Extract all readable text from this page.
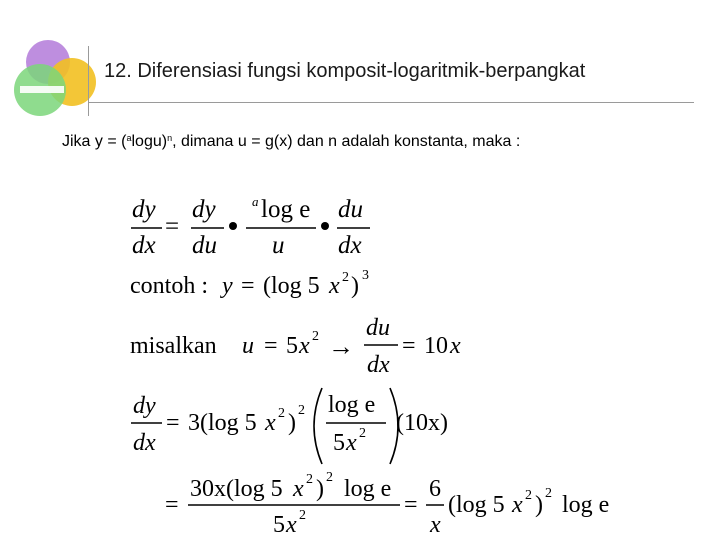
12. Diferensiasi fungsi komposit-logaritmik-berpangkat
Jika $y = (^a\log u)^n$, dimana u = g(x) dan n adalah konstanta, maka :
dy
dx
=
dy
du
a log e
u
du
dx
contoh : y = (log 5 x 2 ) 3
misalkan u = 5 x 2 →
du
dx
= 10 x
dy
dx
= 3(log 5 x 2 ) 2 log e
5 x 2 (10x)
=
30x(log 5 x 2 ) 2 log e
5 x 2	=
6
x
(log 5 x 2 ) 2 log e
